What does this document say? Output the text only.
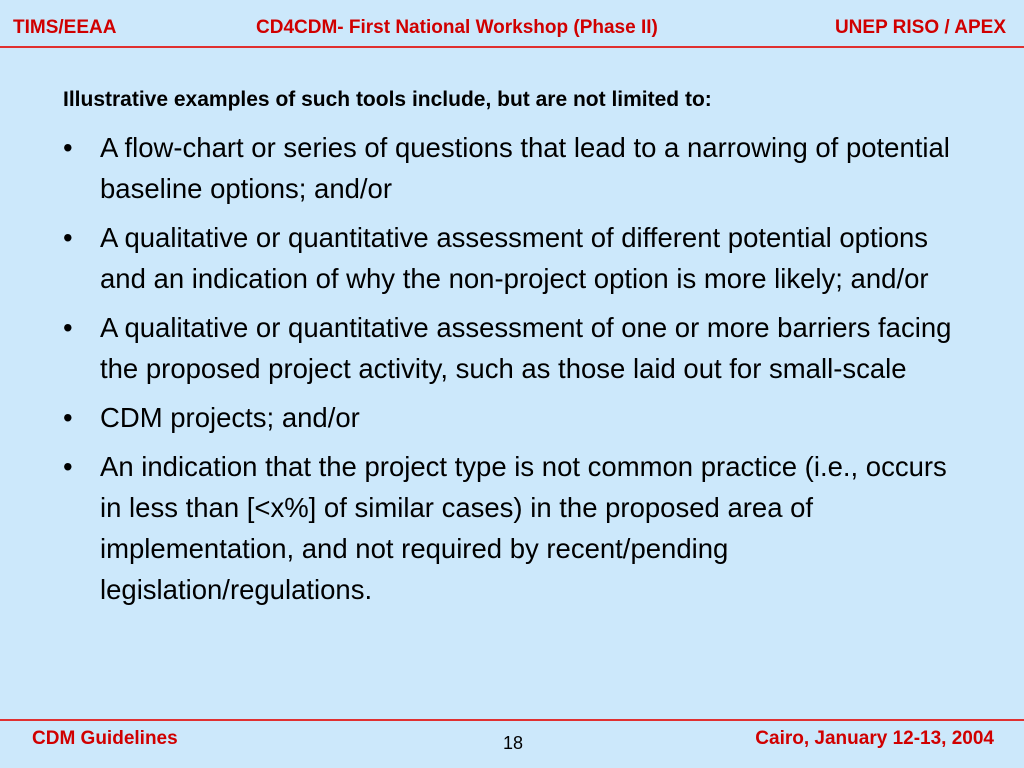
TIMS/EEAA	CD4CDM- First National Workshop (Phase II)	UNEP RISO / APEX
Illustrative examples of such tools include, but are not limited to:
• A flow-chart or series of questions that lead to a narrowing of potential baseline options; and/or
• A qualitative or quantitative assessment of different potential options and an indication of why the non-project option is more likely; and/or
• A qualitative or quantitative assessment of one or more barriers facing the proposed project activity, such as those laid out for small-scale
• CDM projects; and/or
• An indication that the project type is not common practice (i.e., occurs in less than [<x%] of similar cases) in the proposed area of implementation, and not required by recent/pending legislation/regulations.
CDM Guidelines	18	Cairo, January 12-13, 2004
